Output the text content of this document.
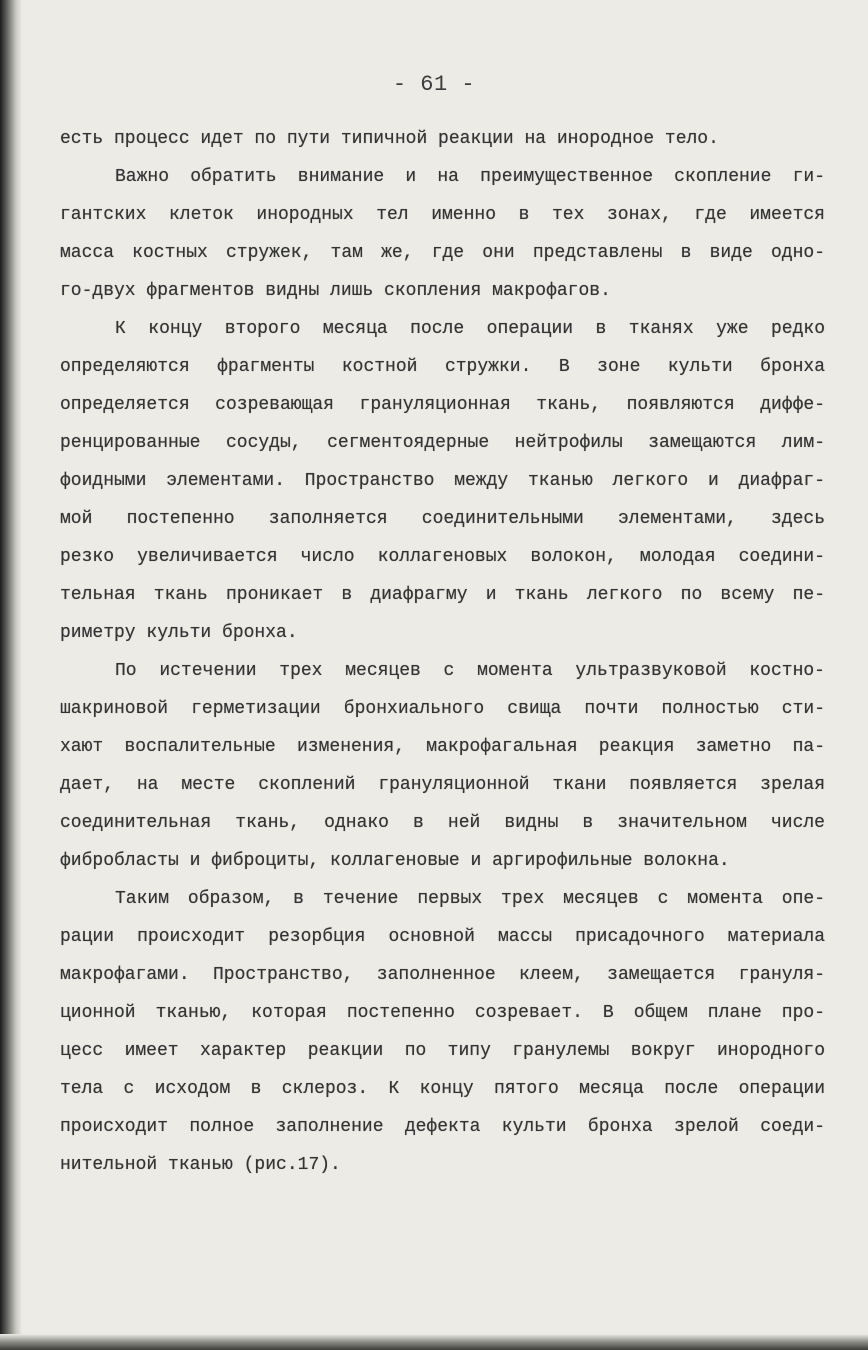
- 61 -
есть процесс идет по пути типичной реакции на инородное тело.
Важно обратить внимание и на преимущественное скопление ги-
гантских клеток инородных тел именно в тех зонах, где имеется
масса костных стружек, там же, где они представлены в виде одно-
го-двух фрагментов видны лишь скопления макрофагов.
К концу второго месяца после операции в тканях уже редко
определяются фрагменты костной стружки. В зоне культи бронха
определяется созревающая грануляционная ткань, появляются диффе-
ренцированные сосуды, сегментоядерные нейтрофилы замещаются лим-
фоидными элементами. Пространство между тканью легкого и диафраг-
мой постепенно заполняется соединительными элементами, здесь
резко увеличивается число коллагеновых волокон, молодая соедини-
тельная ткань проникает в диафрагму и ткань легкого по всему пе-
риметру культи бронха.
По истечении трех месяцев с момента ультразвуковой костно-
шакриновой герметизации бронхиального свища почти полностью сти-
хают воспалительные изменения, макрофагальная реакция заметно па-
дает, на месте скоплений грануляционной ткани появляется зрелая
соединительная ткань, однако в ней видны в значительном числе
фибробласты и фиброциты, коллагеновые и аргирофильные волокна.
Таким образом, в течение первых трех месяцев с момента опе-
рации происходит резорбция основной массы присадочного материала
макрофагами. Пространство, заполненное клеем, замещается грануля-
ционной тканью, которая постепенно созревает. В общем плане про-
цесс имеет характер реакции по типу гранулемы вокруг инородного
тела с исходом в склероз. К концу пятого месяца после операции
происходит полное заполнение дефекта культи бронха зрелой соеди-
нительной тканью (рис.17).
